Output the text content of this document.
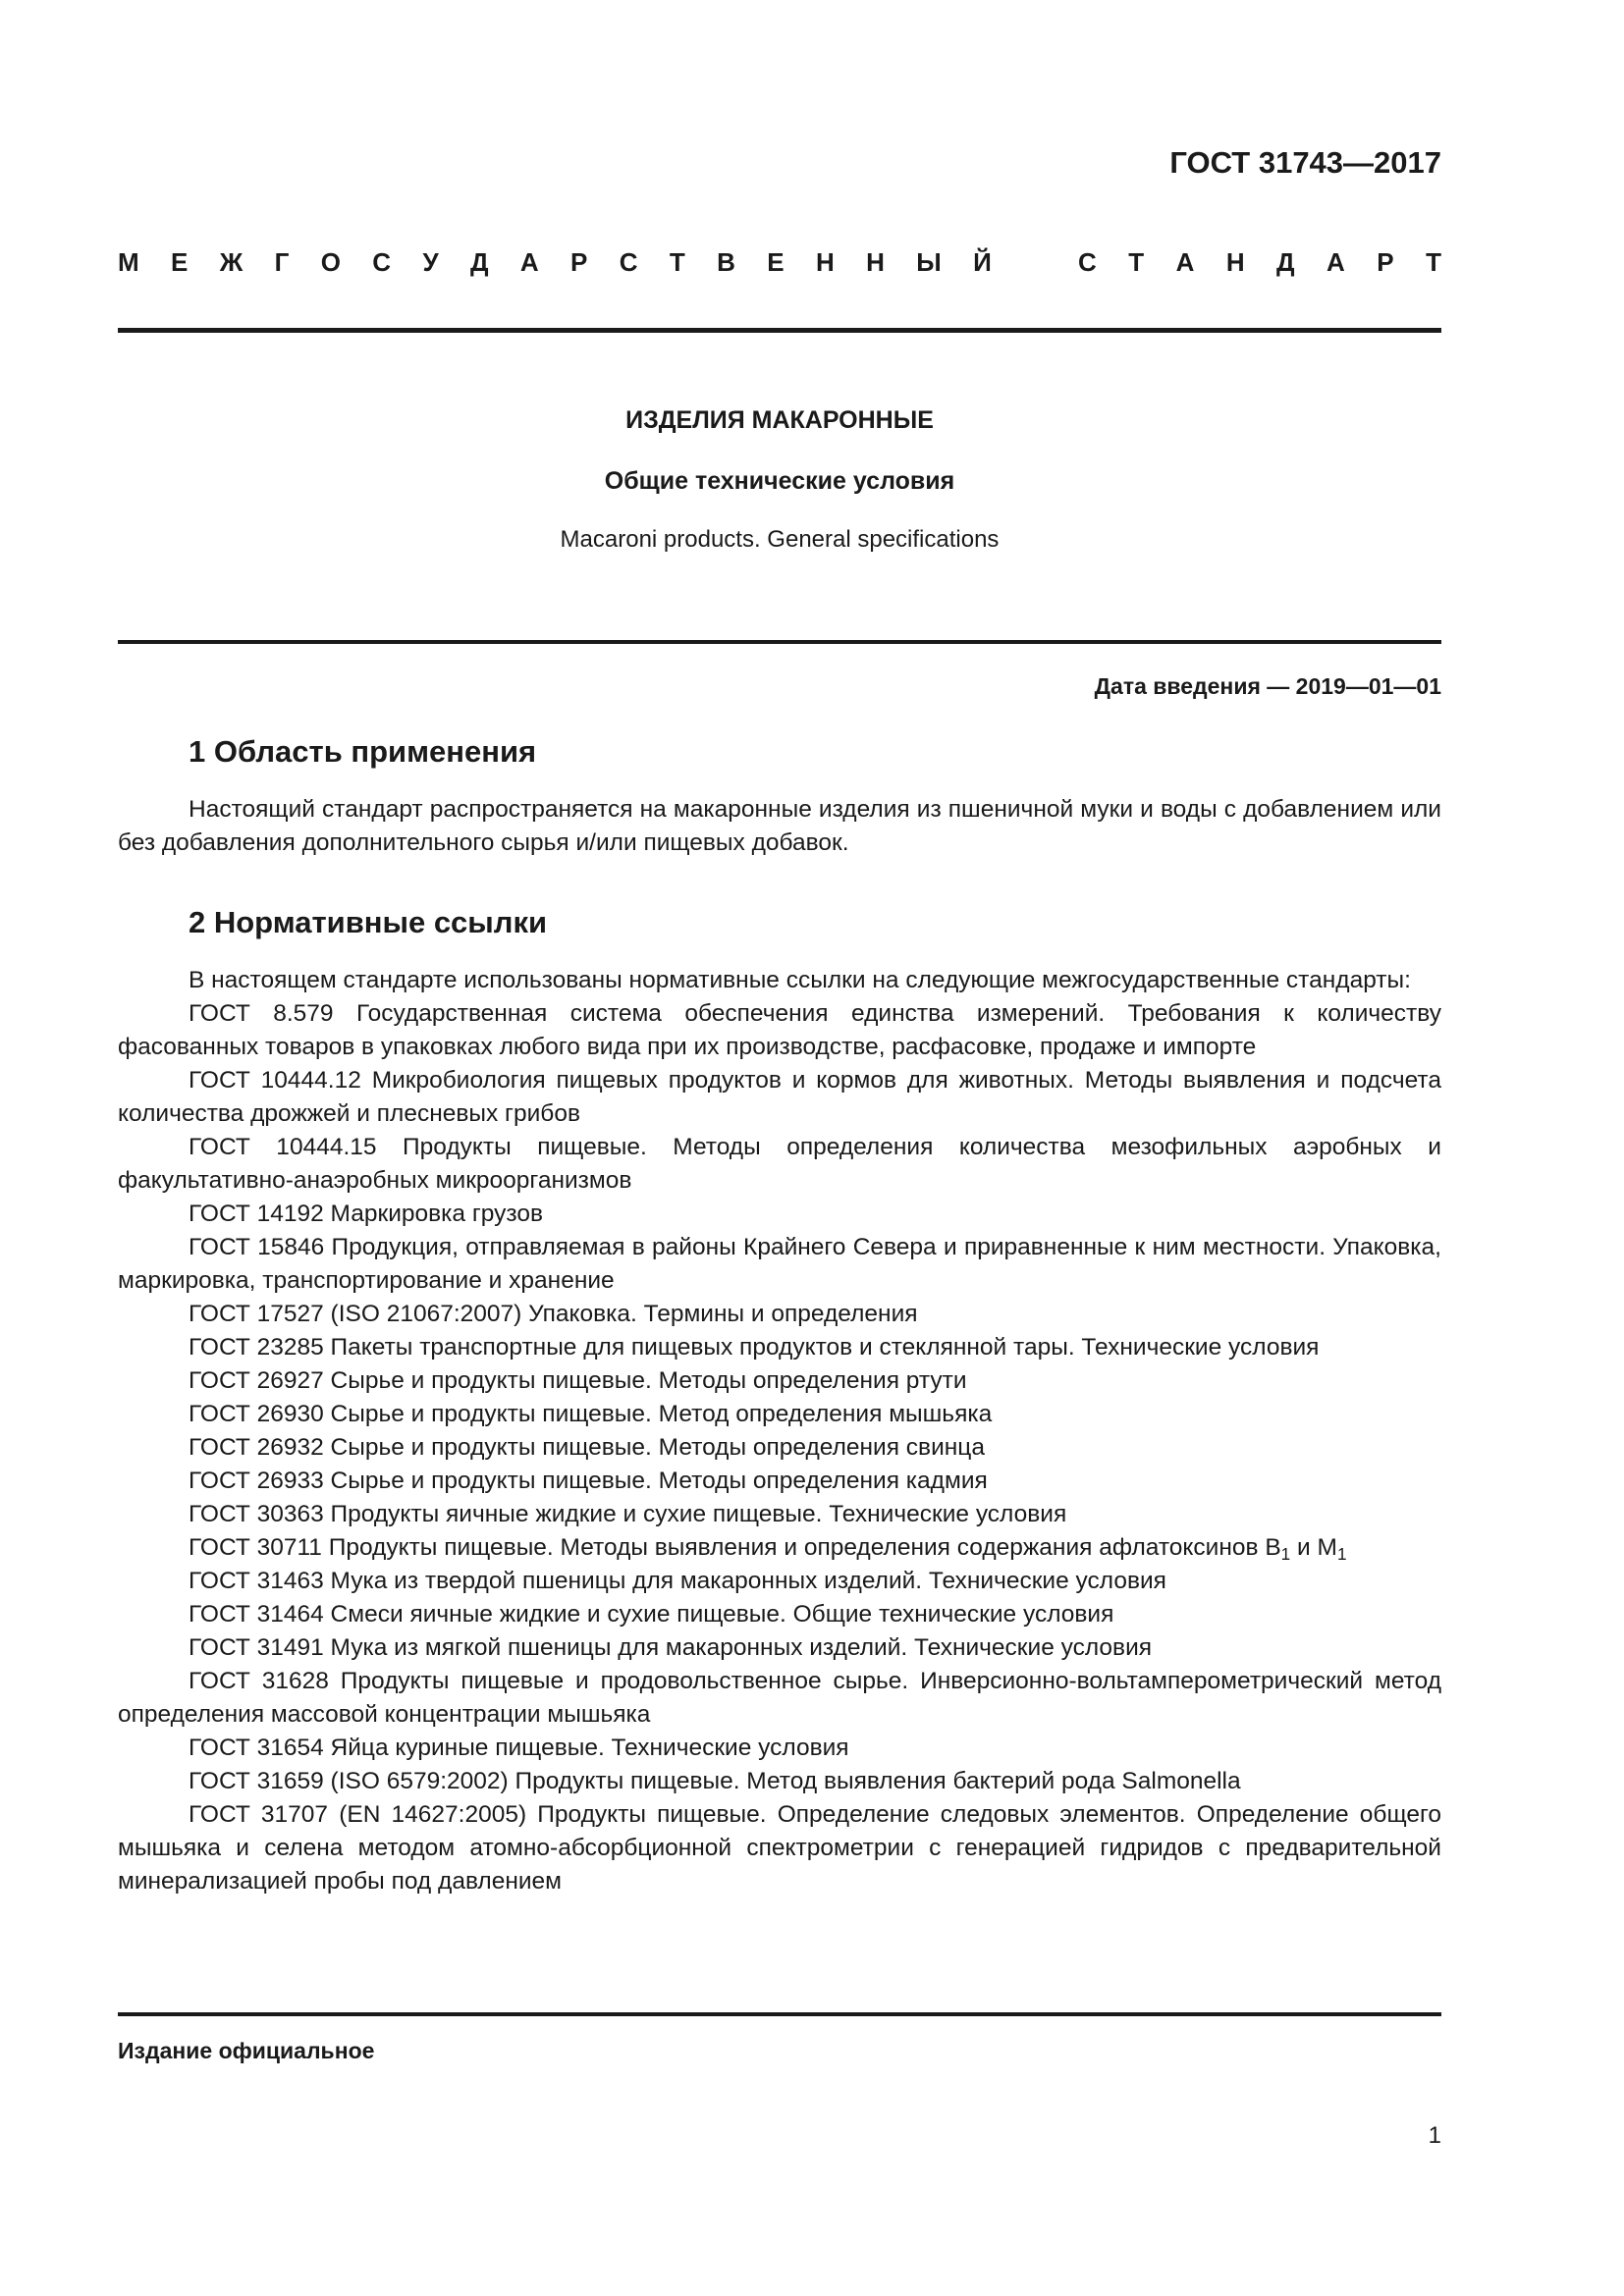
ГОСТ 31743—2017
М Е Ж Г О С У Д А Р С Т В Е Н Н Ы Й	С Т А Н Д А Р Т
ИЗДЕЛИЯ МАКАРОННЫЕ
Общие технические условия
Macaroni products. General specifications
Дата введения — 2019—01—01
1 Область применения

Настоящий стандарт распространяется на макаронные изделия из пшеничной муки и воды с добавлением или без добавления дополнительного сырья и/или пищевых добавок.

2 Нормативные ссылки

В настоящем стандарте использованы нормативные ссылки на следующие межгосударственные стандарты:

ГОСТ 8.579 Государственная система обеспечения единства измерений. Требования к количеству фасованных товаров в упаковках любого вида при их производстве, расфасовке, продаже и импорте

ГОСТ 10444.12 Микробиология пищевых продуктов и кормов для животных. Методы выявления и подсчета количества дрожжей и плесневых грибов

ГОСТ 10444.15 Продукты пищевые. Методы определения количества мезофильных аэробных и факультативно-анаэробных микроорганизмов

ГОСТ 14192 Маркировка грузов

ГОСТ 15846 Продукция, отправляемая в районы Крайнего Севера и приравненные к ним местности. Упаковка, маркировка, транспортирование и хранение

ГОСТ 17527 (ISO 21067:2007) Упаковка. Термины и определения

ГОСТ 23285 Пакеты транспортные для пищевых продуктов и стеклянной тары. Технические условия

ГОСТ 26927 Сырье и продукты пищевые. Методы определения ртути

ГОСТ 26930 Сырье и продукты пищевые. Метод определения мышьяка

ГОСТ 26932 Сырье и продукты пищевые. Методы определения свинца

ГОСТ 26933 Сырье и продукты пищевые. Методы определения кадмия

ГОСТ 30363 Продукты яичные жидкие и сухие пищевые. Технические условия

ГОСТ 30711 Продукты пищевые. Методы выявления и определения содержания афлатоксинов $B_1$ и $M_1$

ГОСТ 31463 Мука из твердой пшеницы для макаронных изделий. Технические условия

ГОСТ 31464 Смеси яичные жидкие и сухие пищевые. Общие технические условия

ГОСТ 31491 Мука из мягкой пшеницы для макаронных изделий. Технические условия

ГОСТ 31628 Продукты пищевые и продовольственное сырье. Инверсионно-вольтамперометрический метод определения массовой концентрации мышьяка

ГОСТ 31654 Яйца куриные пищевые. Технические условия

ГОСТ 31659 (ISO 6579:2002) Продукты пищевые. Метод выявления бактерий рода Salmonella

ГОСТ 31707 (EN 14627:2005) Продукты пищевые. Определение следовых элементов. Определение общего мышьяка и селена методом атомно-абсорбционной спектрометрии с генерацией гидридов с предварительной минерализацией пробы под давлением

Издание официальное
1
